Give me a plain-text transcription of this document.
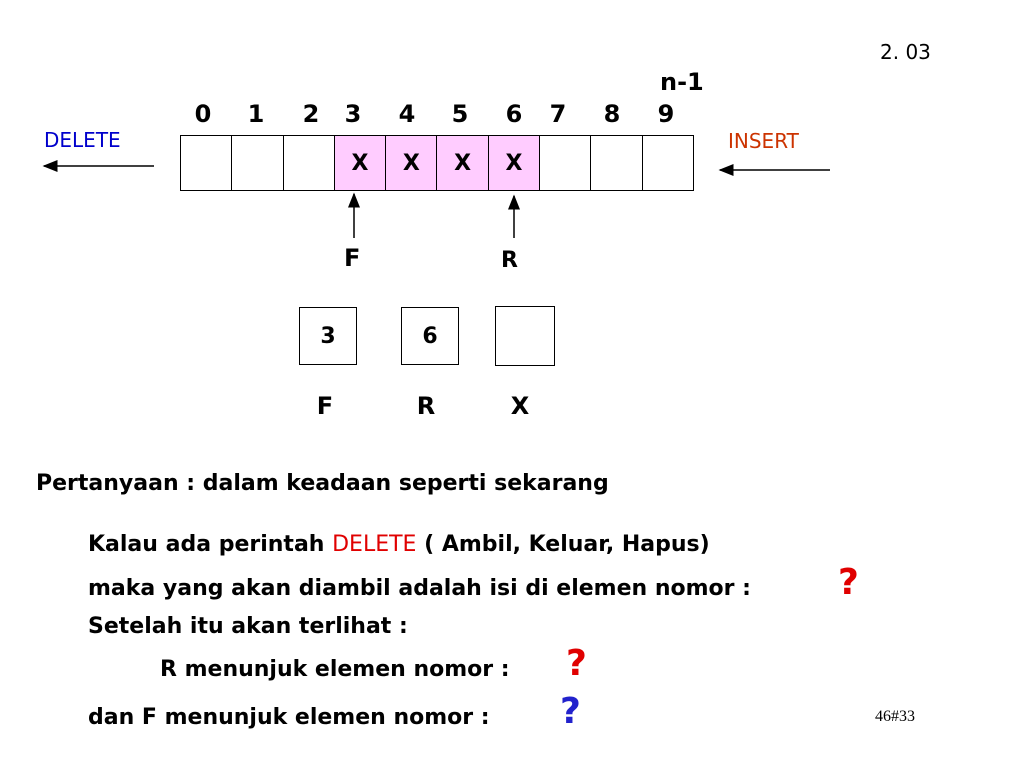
2. 03
n-1
0 1 2 3 4 5 6 7 8 9
X	X	X	X
DELETE	INSERT
F	R
3	6
F	R	X
Pertanyaan : dalam keadaan seperti sekarang
Kalau ada perintah DELETE ( Ambil, Keluar, Hapus)
maka yang akan diambil adalah isi di elemen nomor : ?
Setelah itu akan terlihat :
R menunjuk elemen nomor : ?
dan F menunjuk elemen nomor : ?	46#33
